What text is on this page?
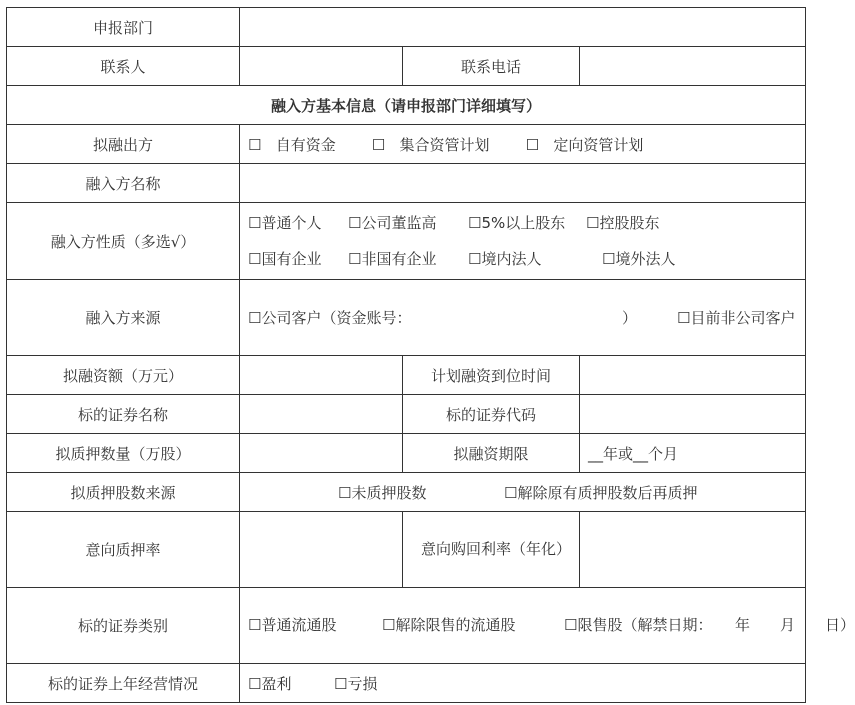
申报部门			
联系人		联系电话	
融入方基本信息（请申报部门详细填写）			
拟融出方	☐ 自有资金 ☐ 集合资管计划 ☐ 定向资管计划		
融入方名称			
融入方性质（多选√）	☐普通个人 ☐公司董监高 ☐5%以上股东 ☐控股股东
☐国有企业 ☐非国有企业 ☐境内法人 ☐境外法人		

融入方来源	☐公司客户（资金账号： ） ☐目前非公司客户		

拟融资额（万元）		计划融资到位时间	
标的证券名称		标的证券代码	
拟质押数量（万股）		拟融资期限	__年或__个月
拟质押股数来源	☐未质押股数 ☐解除原有质押股数后再质押		
意向质押率		意向购回利率（年化）	
标的证券类别	☐普通流通股 ☐解除限售的流通股 ☐限售股（解禁日期：　　年　　月　　日）		
标的证券上年经营情况	☐盈利 ☐亏损		
